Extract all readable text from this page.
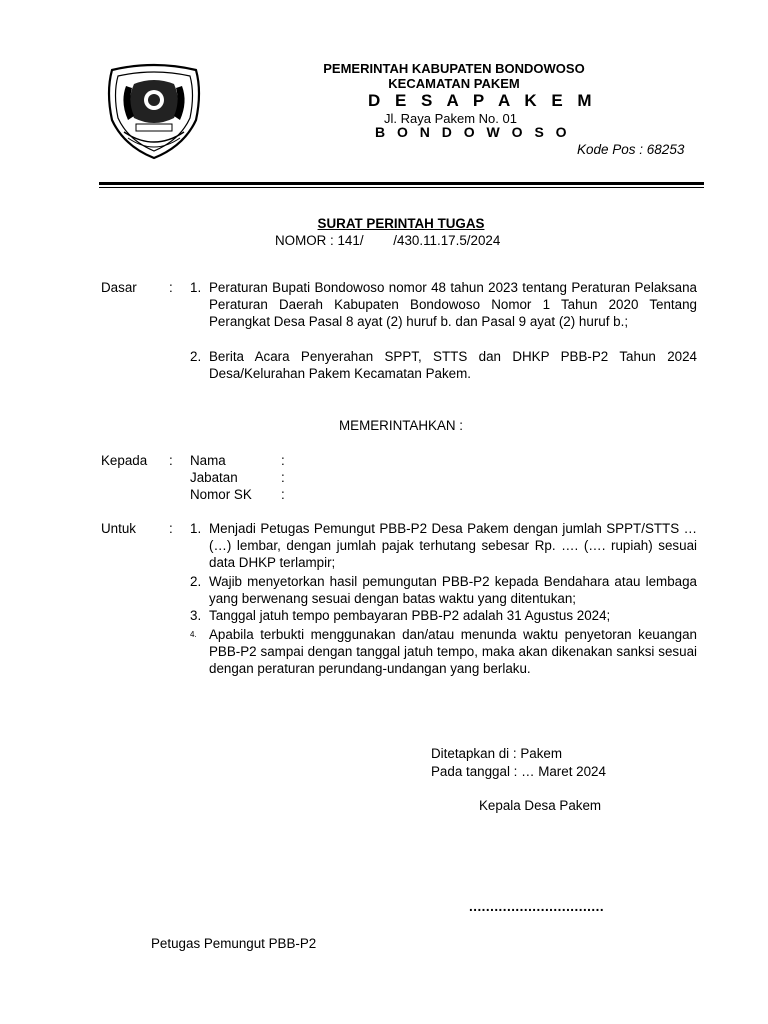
PEMERINTAH KABUPATEN BONDOWOSO
KECAMATAN PAKEM
D E S A P A K E M
Jl. Raya Pakem No. 01
B O N D O W O S O
Kode Pos : 68253
SURAT PERINTAH TUGAS
NOMOR : 141/        /430.11.17.5/2024
Dasar : 1. Peraturan Bupati Bondowoso nomor 48 tahun 2023 tentang Peraturan Pelaksana Peraturan Daerah Kabupaten Bondowoso Nomor 1 Tahun 2020 Tentang Perangkat Desa Pasal 8 ayat (2) huruf b. dan Pasal 9 ayat (2) huruf b.;
2. Berita Acara Penyerahan SPPT, STTS dan DHKP PBB-P2 Tahun 2024 Desa/Kelurahan Pakem Kecamatan Pakem.
MEMERINTAHKAN :
Kepada : Nama	:
Jabatan	:
Nomor SK :
Untuk : 1. Menjadi Petugas Pemungut PBB-P2 Desa Pakem dengan jumlah SPPT/STTS … (…) lembar, dengan jumlah pajak terhutang sebesar Rp. …. (…. rupiah) sesuai data DHKP terlampir;
2. Wajib menyetorkan hasil pemungutan PBB-P2 kepada Bendahara atau lembaga yang berwenang sesuai dengan batas waktu yang ditentukan;
3. Tanggal jatuh tempo pembayaran PBB-P2 adalah 31 Agustus 2024;
4. Apabila terbukti menggunakan dan/atau menunda waktu penyetoran keuangan PBB-P2 sampai dengan tanggal jatuh tempo, maka akan dikenakan sanksi sesuai dengan peraturan perundang-undangan yang berlaku.
Ditetapkan di : Pakem
Pada tanggal : … Maret 2024
Kepala Desa Pakem
................................
Petugas Pemungut PBB-P2
